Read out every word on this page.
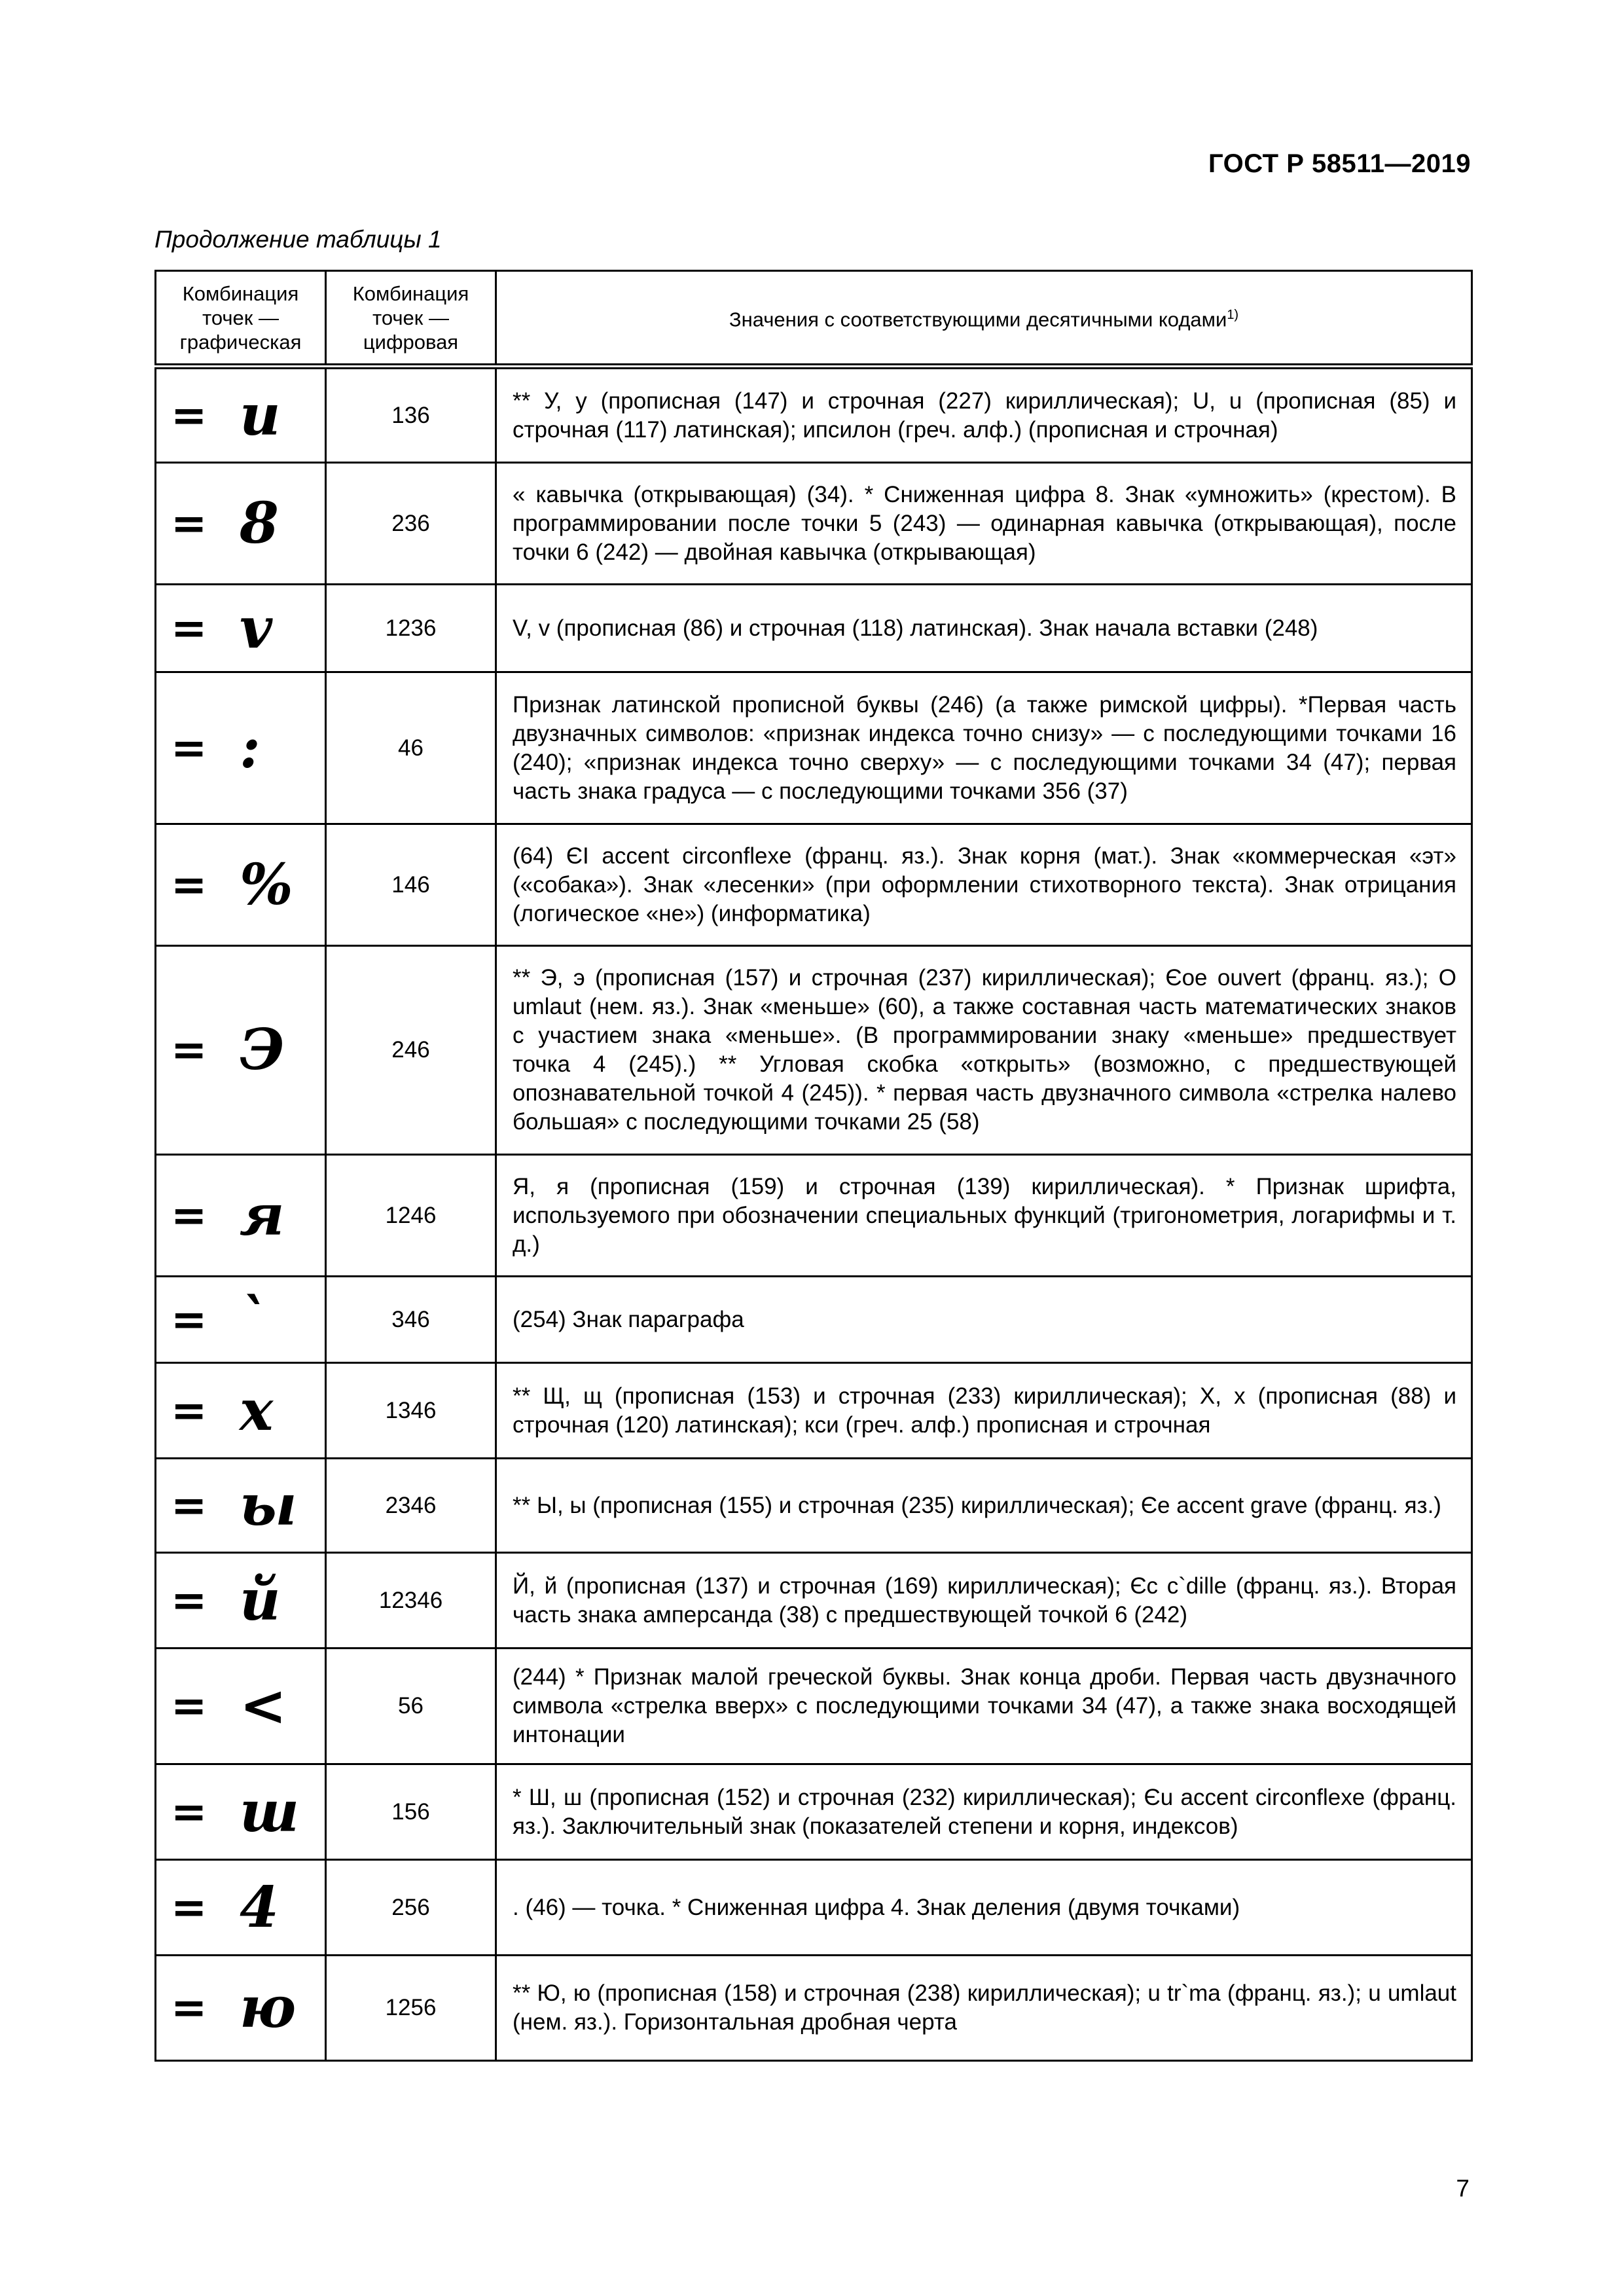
ГОСТ Р 58511—2019
Продолжение таблицы 1
Комбинация точек — графическая	Комбинация точек — цифровая	Значения с соответствующими десятичными кодами$^{1)}$

= u	136	** У, у (прописная (147) и строчная (227) кириллическая); U, u (прописная (85) и строчная (117) латинская); ипсилон (греч. алф.) (прописная и строчная)

= 8	236	« кавычка (открывающая) (34). * Сниженная цифра 8. Знак «умножить» (крестом). В программировании после точки 5 (243) — одинарная кавычка (открывающая), после точки 6 (242) — двойная кавычка (открывающая)

= v	1236	V, v (прописная (86) и строчная (118) латинская). Знак начала вставки (248)

= :	46	Признак латинской прописной буквы (246) (а также римской цифры). *Первая часть двузначных символов: «признак индекса точно снизу» — с последующими точками 16 (240); «признак индекса точно сверху» — с последующими точками 34 (47); первая часть знака градуса — с последующими точками 356 (37)

= %	146	(64) ЄI accent circonflexe (франц. яз.). Знак корня (мат.). Знак «коммерческая «эт» («собака»). Знак «лесенки» (при оформлении стихотворного текста). Знак отрицания (логическое «не») (информатика)

= Э	246	** Э, э (прописная (157) и строчная (237) кириллическая); Єoe ouvert (франц. яз.); O umlaut (нем. яз.). Знак «меньше» (60), а также составная часть математических знаков с участием знака «меньше». (В программировании знаку «меньше» предшествует точка 4 (245).) ** Угловая скобка «открыть» (возможно, с предшествующей опознавательной точкой 4 (245)). * первая часть двузначного символа «стрелка налево большая» с последующими точками 25 (58)

= я	1246	Я, я (прописная (159) и строчная (139) кириллическая). * Признак шрифта, используемого при обозначении специальных функций (тригонометрия, логарифмы и т. д.)

= `	346	(254) Знак параграфа

= x	1346	** Щ, щ (прописная (153) и строчная (233) кириллическая); X, x (прописная (88) и строчная (120) латинская); кси (греч. алф.) прописная и строчная

= ы	2346	** Ы, ы (прописная (155) и строчная (235) кириллическая); Єe accent grave (франц. яз.)

= й	12346	Й, й (прописная (137) и строчная (169) кириллическая); Єc c`dille (франц. яз.). Вторая часть знака амперсанда (38) с предшествующей точкой 6 (242)

= <	56	(244) * Признак малой греческой буквы. Знак конца дроби. Первая часть двузначного символа «стрелка вверх» с последующими точками 34 (47), а также знака восходящей интонации

= ш	156	* Ш, ш (прописная (152) и строчная (232) кириллическая); Єu accent circonflexe (франц. яз.). Заключительный знак (показателей степени и корня, индексов)

= 4	256	. (46) — точка. * Сниженная цифра 4. Знак деления (двумя точками)

= ю	1256	** Ю, ю (прописная (158) и строчная (238) кириллическая); u tr`ma (франц. яз.); u umlaut (нем. яз.). Горизонтальная дробная черта
7
